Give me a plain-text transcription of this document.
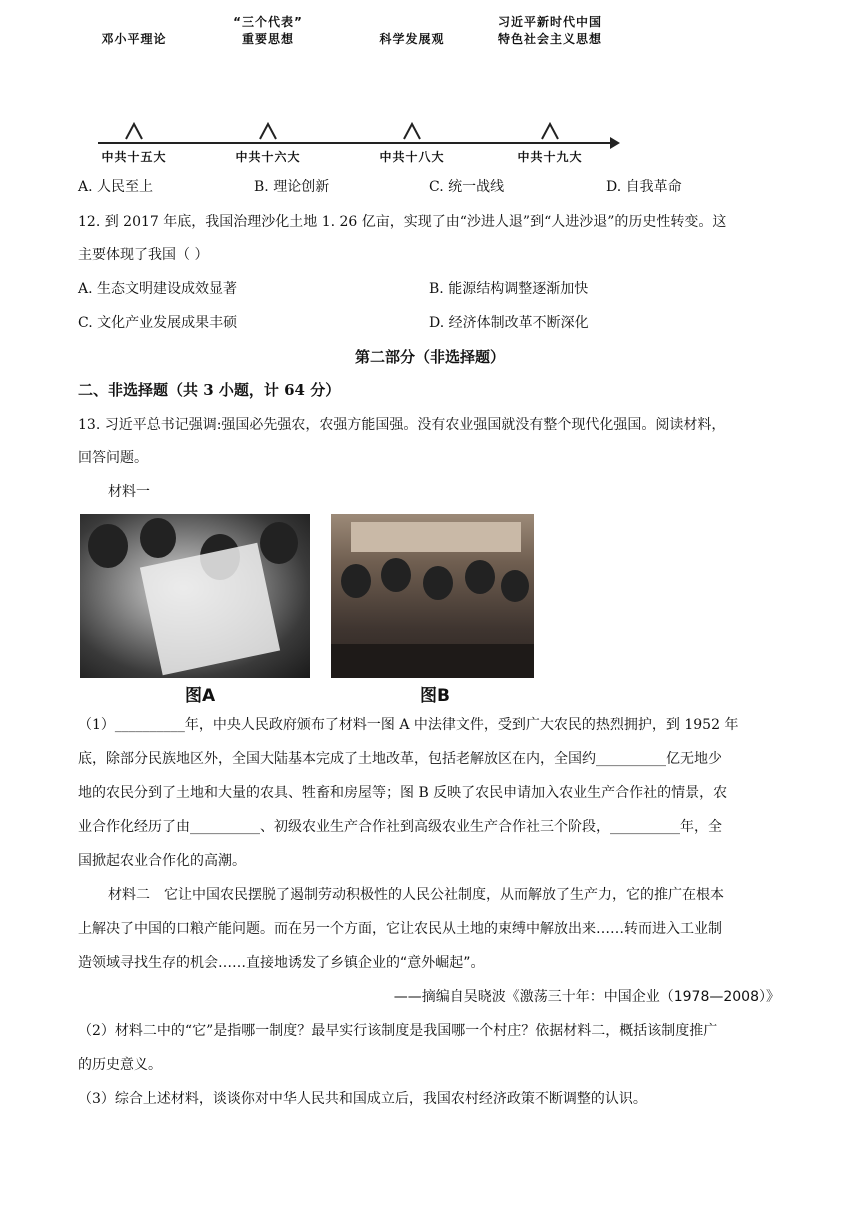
邓小平理论
中共十五大
“三个代表”
重要思想
中共十六大
科学发展观
中共十八大
习近平新时代中国
特色社会主义思想
中共十九大
A. 人民至上	B. 理论创新	C. 统一战线	D. 自我革命
12. 到 2017 年底，我国治理沙化土地 1. 26 亿亩，实现了由“沙进人退”到“人进沙退”的历史性转变。这
主要体现了我国（ ）
A. 生态文明建设成效显著	B. 能源结构调整逐渐加快
C. 文化产业发展成果丰硕	D. 经济体制改革不断深化
第二部分（非选择题）
二、非选择题（共 3 小题，计 64 分）
13. 习近平总书记强调:强国必先强农，农强方能国强。没有农业强国就没有整个现代化强国。阅读材料，
回答问题。
材料一
图A	图B
（1）__________年，中央人民政府颁布了材料一图 A 中法律文件，受到广大农民的热烈拥护，到 1952 年
底，除部分民族地区外，全国大陆基本完成了土地改革，包括老解放区在内，全国约__________亿无地少
地的农民分到了土地和大量的农具、牲畜和房屋等；图 B 反映了农民申请加入农业生产合作社的情景，农
业合作化经历了由__________、初级农业生产合作社到高级农业生产合作社三个阶段，__________年，全
国掀起农业合作化的高潮。
材料二　它让中国农民摆脱了遏制劳动积极性的人民公社制度，从而解放了生产力，它的推广在根本
上解决了中国的口粮产能问题。而在另一个方面，它让农民从土地的束缚中解放出来……转而进入工业制
造领域寻找生存的机会……直接地诱发了乡镇企业的“意外崛起”。
——摘编自吴晓波《激荡三十年：中国企业（1978—2008）》
（2）材料二中的“它”是指哪一制度？最早实行该制度是我国哪一个村庄？依据材料二，概括该制度推广
的历史意义。
（3）综合上述材料，谈谈你对中华人民共和国成立后，我国农村经济政策不断调整的认识。
